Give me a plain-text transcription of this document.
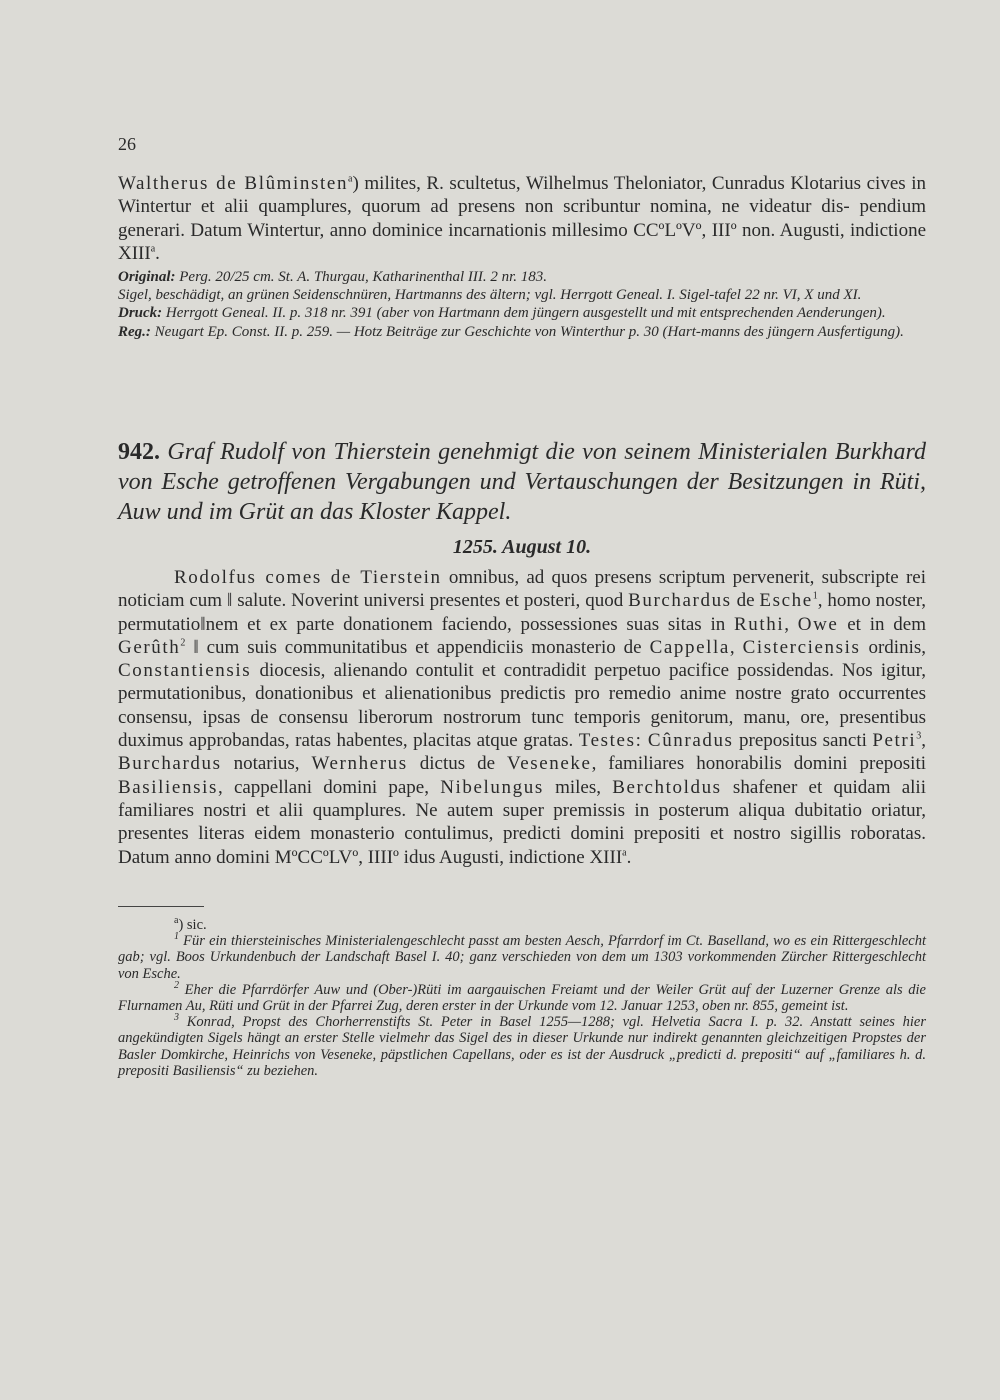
26
Waltherus de Blûminsten$^a$) milites, R. scultetus, Wilhelmus Theloniator, Cunradus Klotarius cives in Wintertur et alii quamplures, quorum ad presens non scribuntur nomina, ne videatur dis- pendium generari. Datum Wintertur, anno dominice incarnationis millesimo CCºLºVº, IIIº non. Augusti, indictione XIII$^a$.
Original: Perg. 20/25 cm. St. A. Thurgau, Katharinenthal III. 2 nr. 183.
Sigel, beschädigt, an grünen Seidenschnüren, Hartmanns des ältern; vgl. Herrgott Geneal. I. Sigel-tafel 22 nr. VI, X und XI.
Druck: Herrgott Geneal. II. p. 318 nr. 391 (aber von Hartmann dem jüngern ausgestellt und mit entsprechenden Aenderungen).
Reg.: Neugart Ep. Const. II. p. 259. — Hotz Beiträge zur Geschichte von Winterthur p. 30 (Hart-manns des jüngern Ausfertigung).
942. Graf Rudolf von Thierstein genehmigt die von seinem Ministerialen Burkhard von Esche getroffenen Vergabungen und Vertauschungen der Besitzungen in Rüti, Auw und im Grüt an das Kloster Kappel.
1255. August 10.
Rodolfus comes de Tierstein omnibus, ad quos presens scriptum pervenerit, subscripte rei noticiam cum ‖ salute. Noverint universi presentes et posteri, quod Burchardus de Esche$^1$, homo noster, permutatio‖nem et ex parte donationem faciendo, possessiones suas sitas in Ruthi, Owe et in dem Gerûth$^2$ ‖ cum suis communitatibus et appendiciis monasterio de Cappella, Cisterciensis ordinis, Constantiensis diocesis, alienando contulit et contradidit perpetuo pacifice possidendas. Nos igitur, permutationibus, donationibus et alienationibus predictis pro remedio anime nostre grato occurrentes consensu, ipsas de consensu liberorum nostrorum tunc temporis genitorum, manu, ore, presentibus duximus approbandas, ratas habentes, placitas atque gratas. Testes: Cûnradus prepositus sancti Petri$^3$, Burchardus notarius, Wernherus dictus de Veseneke, familiares honorabilis domini prepositi Basiliensis, cappellani domini pape, Nibelungus miles, Berchtoldus shafener et quidam alii familiares nostri et alii quamplures. Ne autem super premissis in posterum aliqua dubitatio oriatur, presentes literas eidem monasterio contulimus, predicti domini prepositi et nostro sigillis roboratas. Datum anno domini MºCCºLVº, IIIIº idus Augusti, indictione XIII$^a$.

$^a$) sic.

$^1$ Für ein thiersteinisches Ministerialengeschlecht passt am besten Aesch, Pfarrdorf im Ct. Baselland, wo es ein Rittergeschlecht gab; vgl. Boos Urkundenbuch der Landschaft Basel I. 40; ganz verschieden von dem um 1303 vorkommenden Zürcher Rittergeschlecht von Esche.

$^2$ Eher die Pfarrdörfer Auw und (Ober-)Rüti im aargauischen Freiamt und der Weiler Grüt auf der Luzerner Grenze als die Flurnamen Au, Rüti und Grüt in der Pfarrei Zug, deren erster in der Urkunde vom 12. Januar 1253, oben nr. 855, gemeint ist.

$^3$ Konrad, Propst des Chorherrenstifts St. Peter in Basel 1255—1288; vgl. Helvetia Sacra I. p. 32. Anstatt seines hier angekündigten Sigels hängt an erster Stelle vielmehr das Sigel des in dieser Urkunde nur indirekt genannten gleichzeitigen Propstes der Basler Domkirche, Heinrichs von Veseneke, päpstlichen Capellans, oder es ist der Ausdruck „predicti d. prepositi“ auf „familiares h. d. prepositi Basiliensis“ zu beziehen.
